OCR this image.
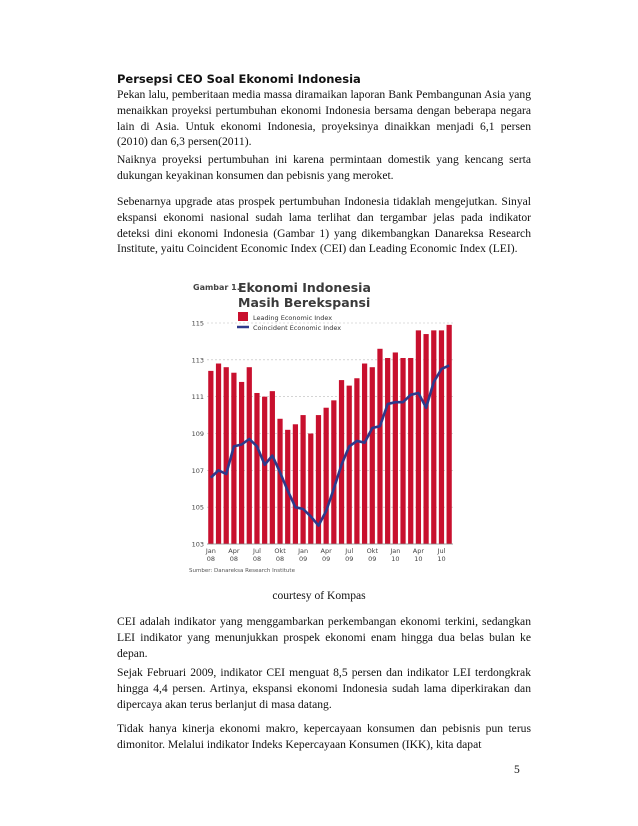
Persepsi CEO Soal Ekonomi Indonesia

Pekan lalu, pemberitaan media massa diramaikan laporan Bank Pembangunan Asia yang menaikkan proyeksi pertumbuhan ekonomi Indonesia bersama dengan beberapa negara lain di Asia. Untuk ekonomi Indonesia, proyeksinya dinaikkan menjadi 6,1 persen (2010) dan 6,3 persen(2011).

Naiknya proyeksi pertumbuhan ini karena permintaan domestik yang kencang serta dukungan keyakinan konsumen dan pebisnis yang meroket.

Sebenarnya upgrade atas prospek pertumbuhan Indonesia tidaklah mengejutkan. Sinyal ekspansi ekonomi nasional sudah lama terlihat dan tergambar jelas pada indikator deteksi dini ekonomi Indonesia (Gambar 1) yang dikembangkan Danareksa Research Institute, yaitu Coincident Economic Index (CEI) dan Leading Economic Index (LEI).

Gambar 1.
Ekonomi Indonesia
Masih Berekspansi
Leading Economic Index
Coincident Economic Index
103
105
107
109
111
113
115
Jan
08
Apr
08
Jul
08
Okt
08
Jan
09
Apr
09
Jul
09
Okt
09
Jan
10
Apr
10
Jul
10
Sumber: Danareksa Research Institute
courtesy of Kompas

CEI adalah indikator yang menggambarkan perkembangan ekonomi terkini, sedangkan LEI indikator yang menunjukkan prospek ekonomi enam hingga dua belas bulan ke depan.

Sejak Februari 2009, indikator CEI menguat 8,5 persen dan indikator LEI terdongkrak hingga 4,4 persen. Artinya, ekspansi ekonomi Indonesia sudah lama diperkirakan dan dipercaya akan terus berlanjut di masa datang.

Tidak hanya kinerja ekonomi makro, kepercayaan konsumen dan pebisnis pun terus dimonitor. Melalui indikator Indeks Kepercayaan Konsumen (IKK), kita dapat

5
